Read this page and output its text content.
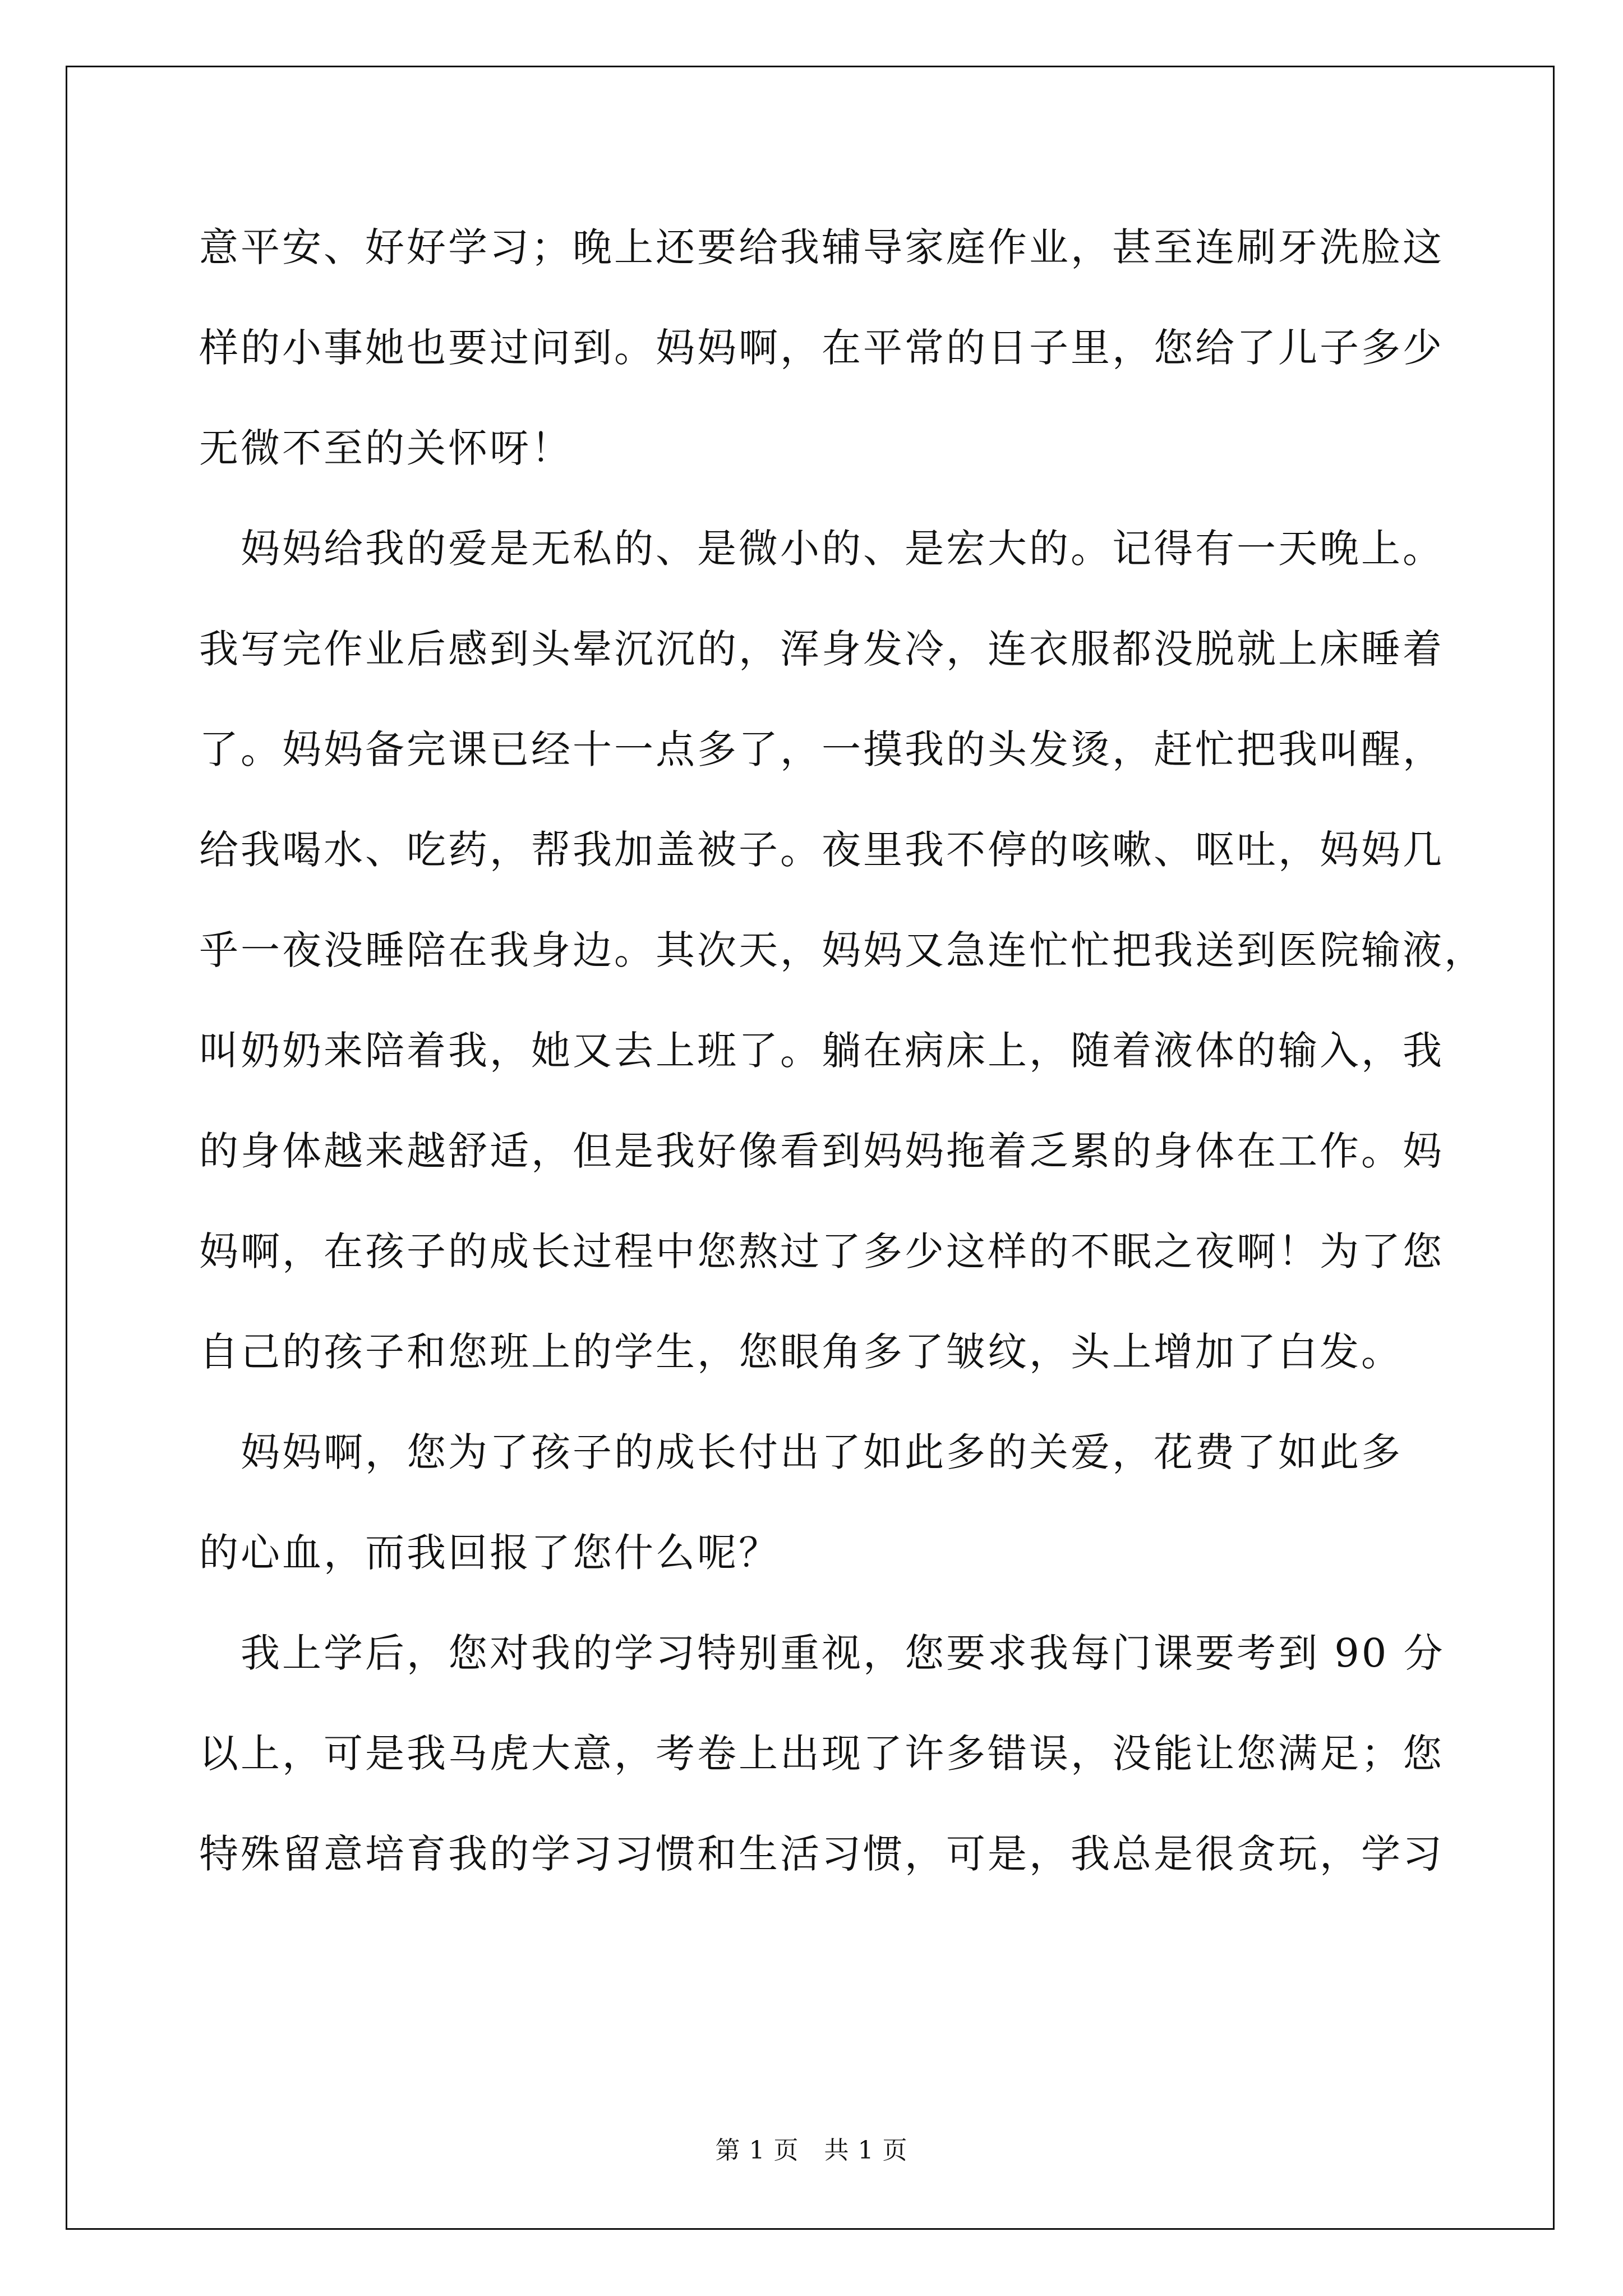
意平安、好好学习；晚上还要给我辅导家庭作业，甚至连刷牙洗脸这
样的小事她也要过问到。妈妈啊，在平常的日子里，您给了儿子多少
无微不至的关怀呀！
　妈妈给我的爱是无私的、是微小的、是宏大的。记得有一天晚上。
我写完作业后感到头晕沉沉的，浑身发冷，连衣服都没脱就上床睡着
了。妈妈备完课已经十一点多了，一摸我的头发烫，赶忙把我叫醒，
给我喝水、吃药，帮我加盖被子。夜里我不停的咳嗽、呕吐，妈妈几
乎一夜没睡陪在我身边。其次天，妈妈又急连忙忙把我送到医院输液，
叫奶奶来陪着我，她又去上班了。躺在病床上，随着液体的输入，我
的身体越来越舒适，但是我好像看到妈妈拖着乏累的身体在工作。妈
妈啊，在孩子的成长过程中您熬过了多少这样的不眠之夜啊！为了您
自己的孩子和您班上的学生，您眼角多了皱纹，头上增加了白发。
　妈妈啊，您为了孩子的成长付出了如此多的关爱，花费了如此多
的心血，而我回报了您什么呢？
　我上学后，您对我的学习特别重视，您要求我每门课要考到 90 分
以上，可是我马虎大意，考卷上出现了许多错误，没能让您满足；您
特殊留意培育我的学习习惯和生活习惯，可是，我总是很贪玩，学习
第 1 页　共 1 页
